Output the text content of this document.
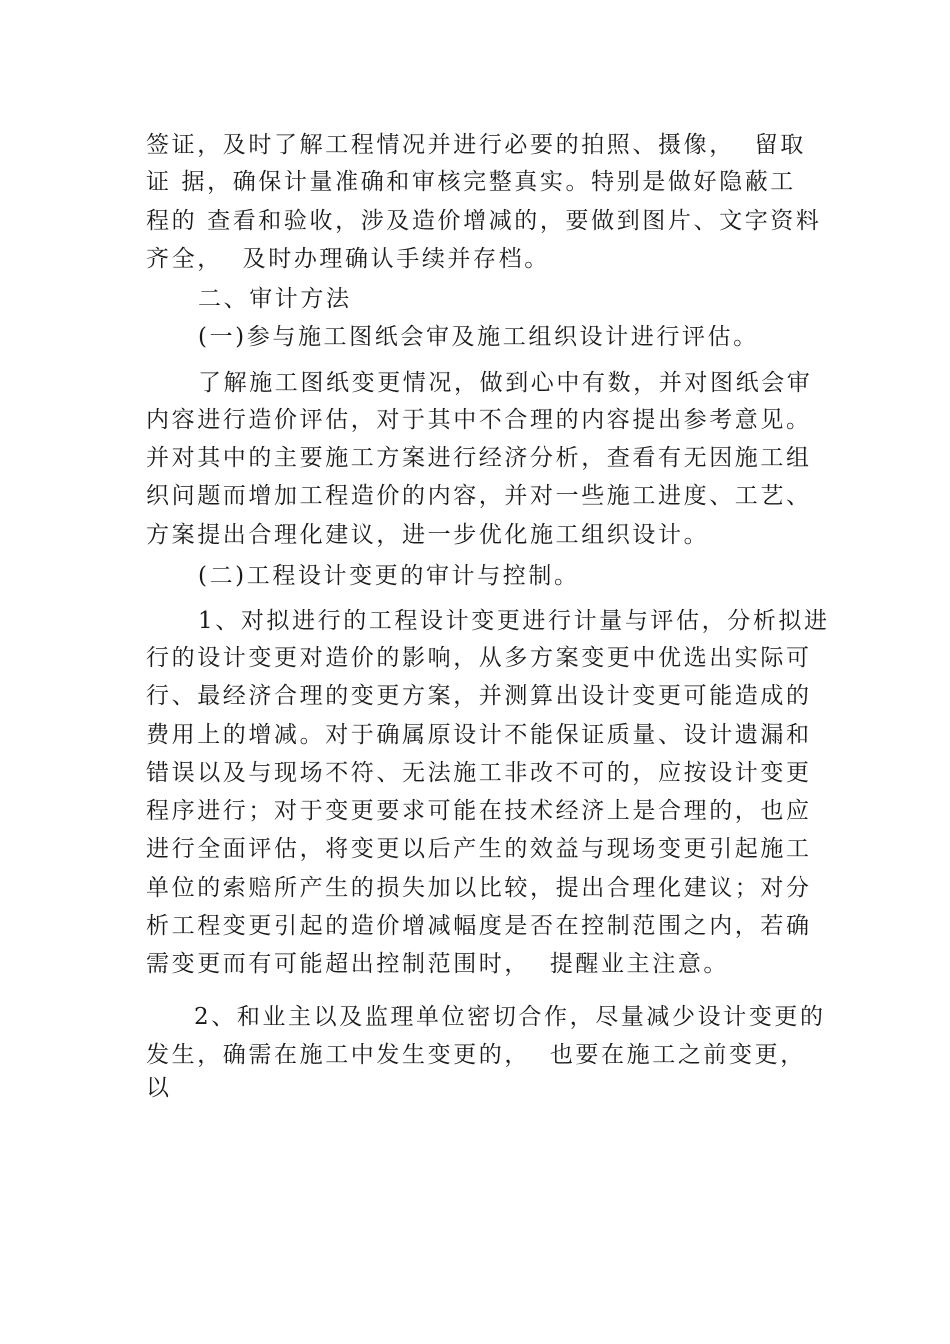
签证，及时了解工程情况并进行必要的拍照、摄像，  留取
证 据，确保计量准确和审核完整真实。特别是做好隐蔽工
程的 查看和验收，涉及造价增减的，要做到图片、文字资料
齐全，  及时办理确认手续并存档。
二、审计方法
(一)参与施工图纸会审及施工组织设计进行评估。
了解施工图纸变更情况，做到心中有数，并对图纸会审
内容进行造价评估，对于其中不合理的内容提出参考意见。
并对其中的主要施工方案进行经济分析，查看有无因施工组
织问题而增加工程造价的内容，并对一些施工进度、工艺、
方案提出合理化建议，进一步优化施工组织设计。
(二)工程设计变更的审计与控制。
1、对拟进行的工程设计变更进行计量与评估，分析拟进
行的设计变更对造价的影响，从多方案变更中优选出实际可
行、最经济合理的变更方案，并测算出设计变更可能造成的
费用上的增减。对于确属原设计不能保证质量、设计遗漏和
错误以及与现场不符、无法施工非改不可的，应按设计变更
程序进行；对于变更要求可能在技术经济上是合理的，也应
进行全面评估，将变更以后产生的效益与现场变更引起施工
单位的索赔所产生的损失加以比较，提出合理化建议；对分
析工程变更引起的造价增减幅度是否在控制范围之内，若确
需变更而有可能超出控制范围时，  提醒业主注意。
2、和业主以及监理单位密切合作，尽量减少设计变更的
发生，确需在施工中发生变更的，  也要在施工之前变更，
以
